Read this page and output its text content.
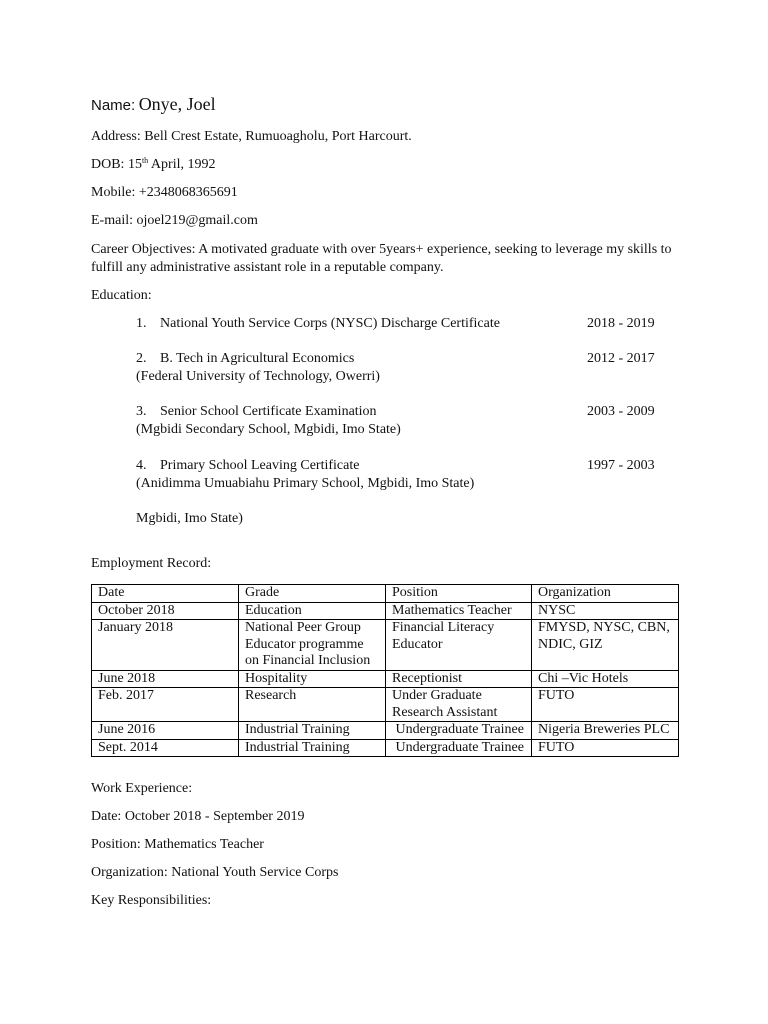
Name: Onye, Joel
Address: Bell Crest Estate, Rumuoagholu, Port Harcourt.
DOB: 15th April, 1992
Mobile: +2348068365691
E-mail: ojoel219@gmail.com
Career Objectives: A motivated graduate with over 5years+ experience, seeking to leverage my skills to fulfill any administrative assistant role in a reputable company.
Education:
1. National Youth Service Corps (NYSC) Discharge Certificate	2018 - 2019
2. B. Tech in Agricultural Economics	2012 - 2017
(Federal University of Technology, Owerri)
3. Senior School Certificate Examination	2003 - 2009
(Mgbidi Secondary School, Mgbidi, Imo State)
4. Primary School Leaving Certificate	1997 - 2003
(Anidimma Umuabiahu Primary School, Mgbidi, Imo State)
Mgbidi, Imo State)
Employment Record:
Date	Grade	Position	Organization
October 2018	Education	Mathematics Teacher	NYSC
January 2018	National Peer Group Educator programme on Financial Inclusion	Financial Literacy Educator	FMYSD, NYSC, CBN, NDIC, GIZ
June 2018	Hospitality	Receptionist	Chi –Vic Hotels
Feb. 2017	Research	Under Graduate Research Assistant	FUTO
June 2016	Industrial Training	Undergraduate Trainee	Nigeria Breweries PLC
Sept. 2014	Industrial Training	Undergraduate Trainee	FUTO
Work Experience:
Date: October 2018 - September 2019
Position: Mathematics Teacher
Organization: National Youth Service Corps
Key Responsibilities:
